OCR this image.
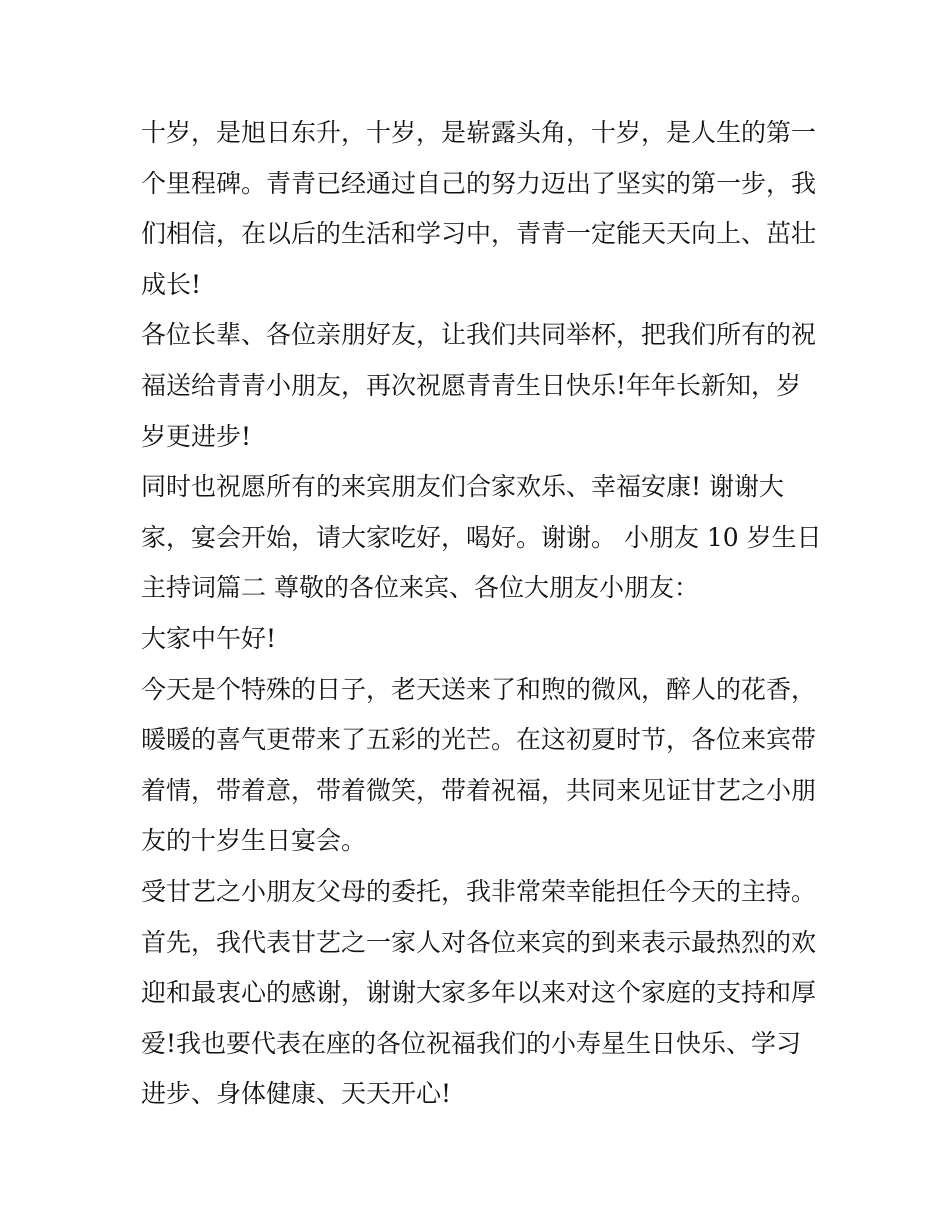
十岁，是旭日东升，十岁，是崭露头角，十岁，是人生的第一

个里程碑。青青已经通过自己的努力迈出了坚实的第一步，我

们相信，在以后的生活和学习中，青青一定能天天向上、茁壮

成长!

各位长辈、各位亲朋好友，让我们共同举杯，把我们所有的祝

福送给青青小朋友，再次祝愿青青生日快乐!年年长新知，岁

岁更进步!

同时也祝愿所有的来宾朋友们合家欢乐、幸福安康! 谢谢大

家，宴会开始，请大家吃好，喝好。谢谢。 小朋友 10 岁生日

主持词篇二 尊敬的各位来宾、各位大朋友小朋友：

大家中午好!

今天是个特殊的日子，老天送来了和煦的微风，醉人的花香，

暖暖的喜气更带来了五彩的光芒。在这初夏时节，各位来宾带

着情，带着意，带着微笑，带着祝福，共同来见证甘艺之小朋

友的十岁生日宴会。

受甘艺之小朋友父母的委托，我非常荣幸能担任今天的主持。

首先，我代表甘艺之一家人对各位来宾的到来表示最热烈的欢

迎和最衷心的感谢，谢谢大家多年以来对这个家庭的支持和厚

爱!我也要代表在座的各位祝福我们的小寿星生日快乐、学习

进步、身体健康、天天开心!
